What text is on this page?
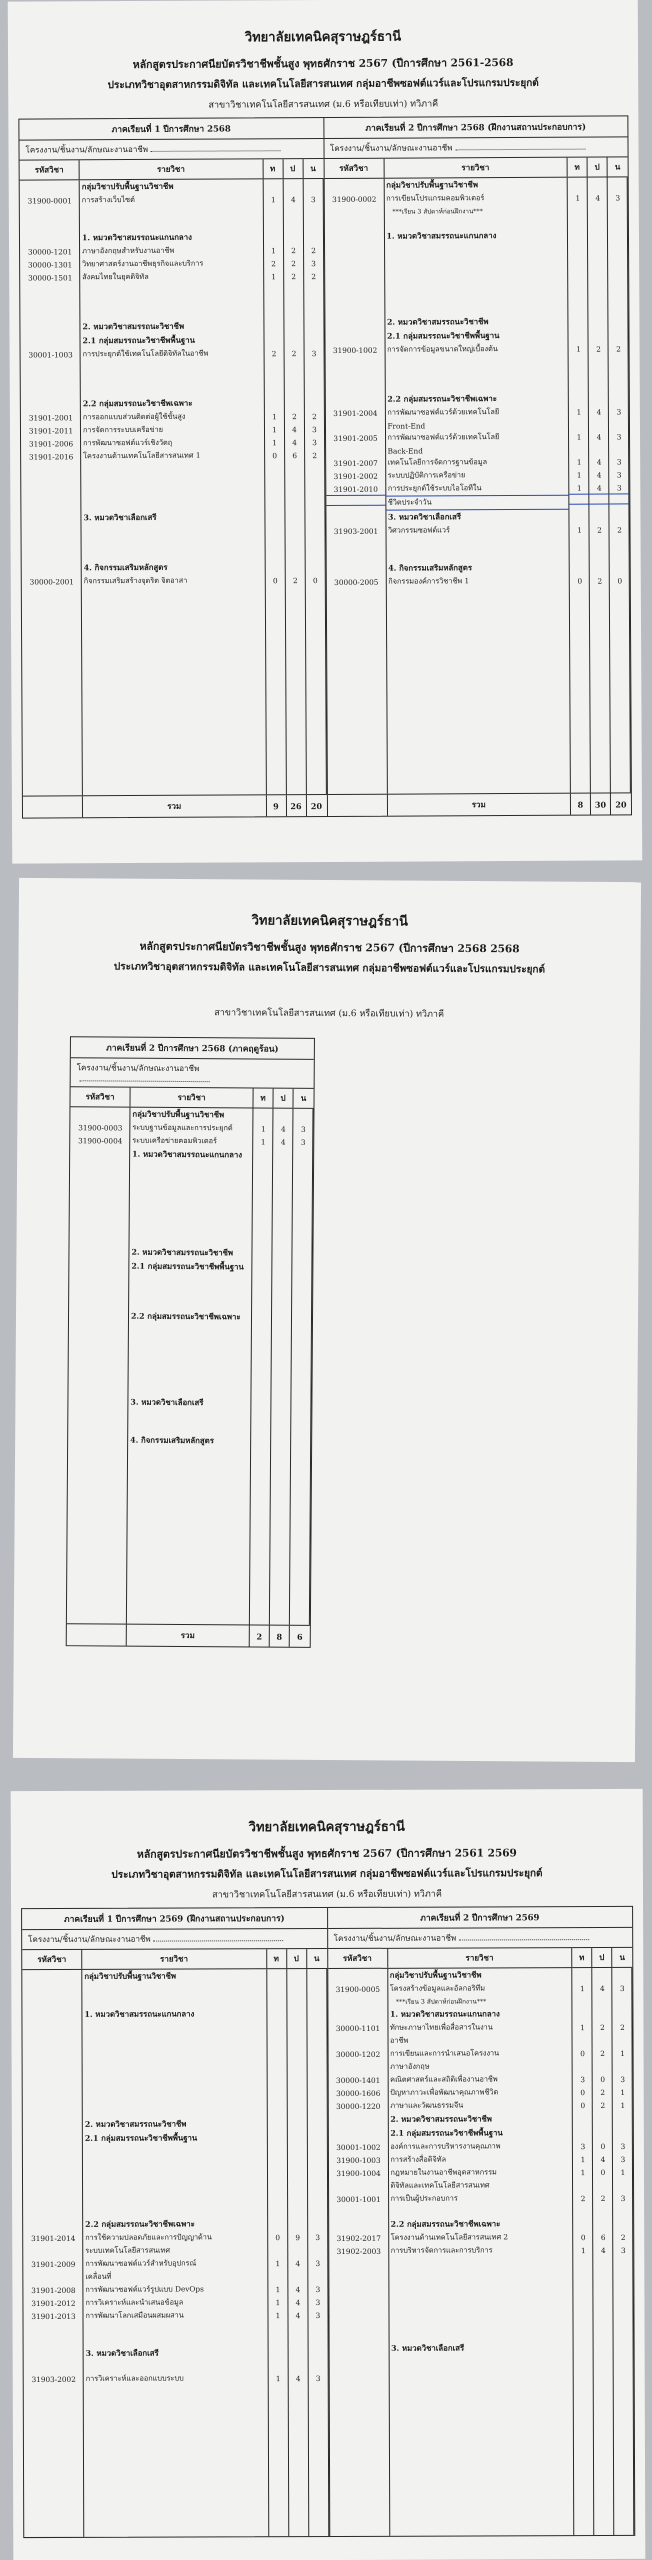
วิทยาลัยเทคนิคสุราษฎร์ธานี
หลักสูตรประกาศนียบัตรวิชาชีพชั้นสูง พุทธศักราช 2567 (ปีการศึกษา 2561-2568
ประเภทวิชาอุตสาหกรรมดิจิทัล และเทคโนโลยีสารสนเทศ กลุ่มอาชีพซอฟต์แวร์และโปรแกรมประยุกต์
สาขาวิชาเทคโนโลยีสารสนเทศ (ม.6 หรือเทียบเท่า) ทวิภาคี
ภาคเรียนที่ 1 ปีการศึกษา 2568
โครงงาน/ชิ้นงาน/ลักษณะงานอาชีพ
รหัสวิชา	รายวิชา	ท	ป	น
กลุ่มวิชาปรับพื้นฐานวิชาชีพ
31900-0001	การสร้างเว็บไซต์	1	4	3
1. หมวดวิชาสมรรถนะแกนกลาง
30000-1201	ภาษาอังกฤษสำหรับงานอาชีพ	1	2	2
30000-1301	วิทยาศาสตร์งานอาชีพธุรกิจและบริการ	2	2	3
30000-1501	สังคมไทยในยุคดิจิทัล	1	2	2
2. หมวดวิชาสมรรถนะวิชาชีพ
2.1 กลุ่มสมรรถนะวิชาชีพพื้นฐาน
30001-1003	การประยุกต์ใช้เทคโนโลยีดิจิทัลในอาชีพ	2	2	3
2.2 กลุ่มสมรรถนะวิชาชีพเฉพาะ
31901-2001	การออกแบบส่วนติดต่อผู้ใช้ขั้นสูง	1	2	2
31901-2011	การจัดการระบบเครือข่าย	1	4	3
31901-2006	การพัฒนาซอฟต์แวร์เชิงวัตถุ	1	4	3
31901-2016	โครงงานด้านเทคโนโลยีสารสนเทศ 1	0	6	2
3. หมวดวิชาเลือกเสรี
4. กิจกรรมเสริมหลักสูตร
30000-2001	กิจกรรมเสริมสร้างจุดริต จิตอาสา	0	2	0
รวม	9	26	20
ภาคเรียนที่ 2 ปีการศึกษา 2568 (ฝึกงานสถานประกอบการ)
โครงงาน/ชิ้นงาน/ลักษณะงานอาชีพ
รหัสวิชา	รายวิชา	ท	ป	น
กลุ่มวิชาปรับพื้นฐานวิชาชีพ
31900-0002	การเขียนโปรแกรมคอมพิวเตอร์	1	4	3
***เรียน 3 สัปดาห์ก่อนฝึกงาน***
1. หมวดวิชาสมรรถนะแกนกลาง
2. หมวดวิชาสมรรถนะวิชาชีพ
2.1 กลุ่มสมรรถนะวิชาชีพพื้นฐาน
31900-1002	การจัดการข้อมูลขนาดใหญ่เบื้องต้น	1	2	2
2.2 กลุ่มสมรรถนะวิชาชีพเฉพาะ
31901-2004	การพัฒนาซอฟต์แวร์ด้วยเทคโนโลยี	1	4	3
Front-End
31901-2005	การพัฒนาซอฟต์แวร์ด้วยเทคโนโลยี	1	4	3
Back-End
31901-2007	เทคโนโลยีการจัดการฐานข้อมูล	1	4	3
31901-2002	ระบบปฏิบัติการเครือข่าย	1	4	3
31901-2010	การประยุกต์ใช้ระบบไอโอทีใน	1	4	3
ชีวิตประจำวัน
3. หมวดวิชาเลือกเสรี
31903-2001	วิศวกรรมซอฟต์แวร์	1	2	2
4. กิจกรรมเสริมหลักสูตร
30000-2005	กิจกรรมองค์การวิชาชีพ 1	0	2	0
รวม	8	30	20
วิทยาลัยเทคนิคสุราษฎร์ธานี
หลักสูตรประกาศนียบัตรวิชาชีพชั้นสูง พุทธศักราช 2567 (ปีการศึกษา 2568 2568
ประเภทวิชาอุตสาหกรรมดิจิทัล และเทคโนโลยีสารสนเทศ กลุ่มอาชีพซอฟต์แวร์และโปรแกรมประยุกต์
สาขาวิชาเทคโนโลยีสารสนเทศ (ม.6 หรือเทียบเท่า) ทวิภาคี
ภาคเรียนที่ 2 ปีการศึกษา 2568 (ภาคฤดูร้อน)
โครงงาน/ชิ้นงาน/ลักษณะงานอาชีพ
รหัสวิชา	รายวิชา	ท	ป	น
กลุ่มวิชาปรับพื้นฐานวิชาชีพ
31900-0003	ระบบฐานข้อมูลและการประยุกต์	1	4	3
31900-0004	ระบบเครือข่ายคอมพิวเตอร์	1	4	3
1. หมวดวิชาสมรรถนะแกนกลาง
2. หมวดวิชาสมรรถนะวิชาชีพ
2.1 กลุ่มสมรรถนะวิชาชีพพื้นฐาน
2.2 กลุ่มสมรรถนะวิชาชีพเฉพาะ
3. หมวดวิชาเลือกเสรี
4. กิจกรรมเสริมหลักสูตร
รวม	2	8	6
วิทยาลัยเทคนิคสุราษฎร์ธานี
หลักสูตรประกาศนียบัตรวิชาชีพชั้นสูง พุทธศักราช 2567 (ปีการศึกษา 2561 2569
ประเภทวิชาอุตสาหกรรมดิจิทัล และเทคโนโลยีสารสนเทศ กลุ่มอาชีพซอฟต์แวร์และโปรแกรมประยุกต์
สาขาวิชาเทคโนโลยีสารสนเทศ (ม.6 หรือเทียบเท่า) ทวิภาคี
ภาคเรียนที่ 1 ปีการศึกษา 2569 (ฝึกงานสถานประกอบการ)
โครงงาน/ชิ้นงาน/ลักษณะงานอาชีพ
รหัสวิชา	รายวิชา	ท	ป	น
กลุ่มวิชาปรับพื้นฐานวิชาชีพ
1. หมวดวิชาสมรรถนะแกนกลาง
2. หมวดวิชาสมรรถนะวิชาชีพ
2.1 กลุ่มสมรรถนะวิชาชีพพื้นฐาน
2.2 กลุ่มสมรรถนะวิชาชีพเฉพาะ
31901-2014	การใช้ความปลอดภัยและการปัญญาด้าน	0	9	3
ระบบเทคโนโลยีสารสนเทศ
31901-2009	การพัฒนาซอฟต์แวร์สำหรับอุปกรณ์	1	4	3
เคลื่อนที่
31901-2008	การพัฒนาซอฟต์แวร์รูปแบบ DevOps	1	4	3
31901-2012	การวิเคราะห์และนำเสนอข้อมูล	1	4	3
31901-2013	การพัฒนาโลกเสมือนผสมผสาน	1	4	3
3. หมวดวิชาเลือกเสรี
31903-2002	การวิเคราะห์และออกแบบระบบ	1	4	3
ภาคเรียนที่ 2 ปีการศึกษา 2569
โครงงาน/ชิ้นงาน/ลักษณะงานอาชีพ
รหัสวิชา	รายวิชา	ท	ป	น
กลุ่มวิชาปรับพื้นฐานวิชาชีพ
31900-0005	โครงสร้างข้อมูลและอัลกอริทึม	1	4	3
***เรียน 3 สัปดาห์ก่อนฝึกงาน***
1. หมวดวิชาสมรรถนะแกนกลาง
30000-1101	ทักษะภาษาไทยเพื่อสื่อสารในงาน	1	2	2
อาชีพ
30000-1202	การเขียนและการนำเสนอโครงงาน	0	2	1
ภาษาอังกฤษ
30000-1401	คณิตศาสตร์และสถิติเพื่องานอาชีพ	3	0	3
30000-1606	ปัญหาภาวะเพื่อพัฒนาคุณภาพชีวิต	0	2	1
30000-1220	ภาษาและวัฒนธรรมจีน	0	2	1
2. หมวดวิชาสมรรถนะวิชาชีพ
2.1 กลุ่มสมรรถนะวิชาชีพพื้นฐาน
30001-1002	องค์การและการบริหารงานคุณภาพ	3	0	3
31900-1003	การสร้างสื่อดิจิทัล	1	4	3
31900-1004	กฎหมายในงานอาชีพอุตสาหกรรม	1	0	1
ดิจิทัลและเทคโนโลยีสารสนเทศ
30001-1001	การเป็นผู้ประกอบการ	2	2	3
2.2 กลุ่มสมรรถนะวิชาชีพเฉพาะ
31902-2017	โครงงานด้านเทคโนโลยีสารสนเทศ 2	0	6	2
31902-2003	การบริหารจัดการและการบริการ	1	4	3
3. หมวดวิชาเลือกเสรี
